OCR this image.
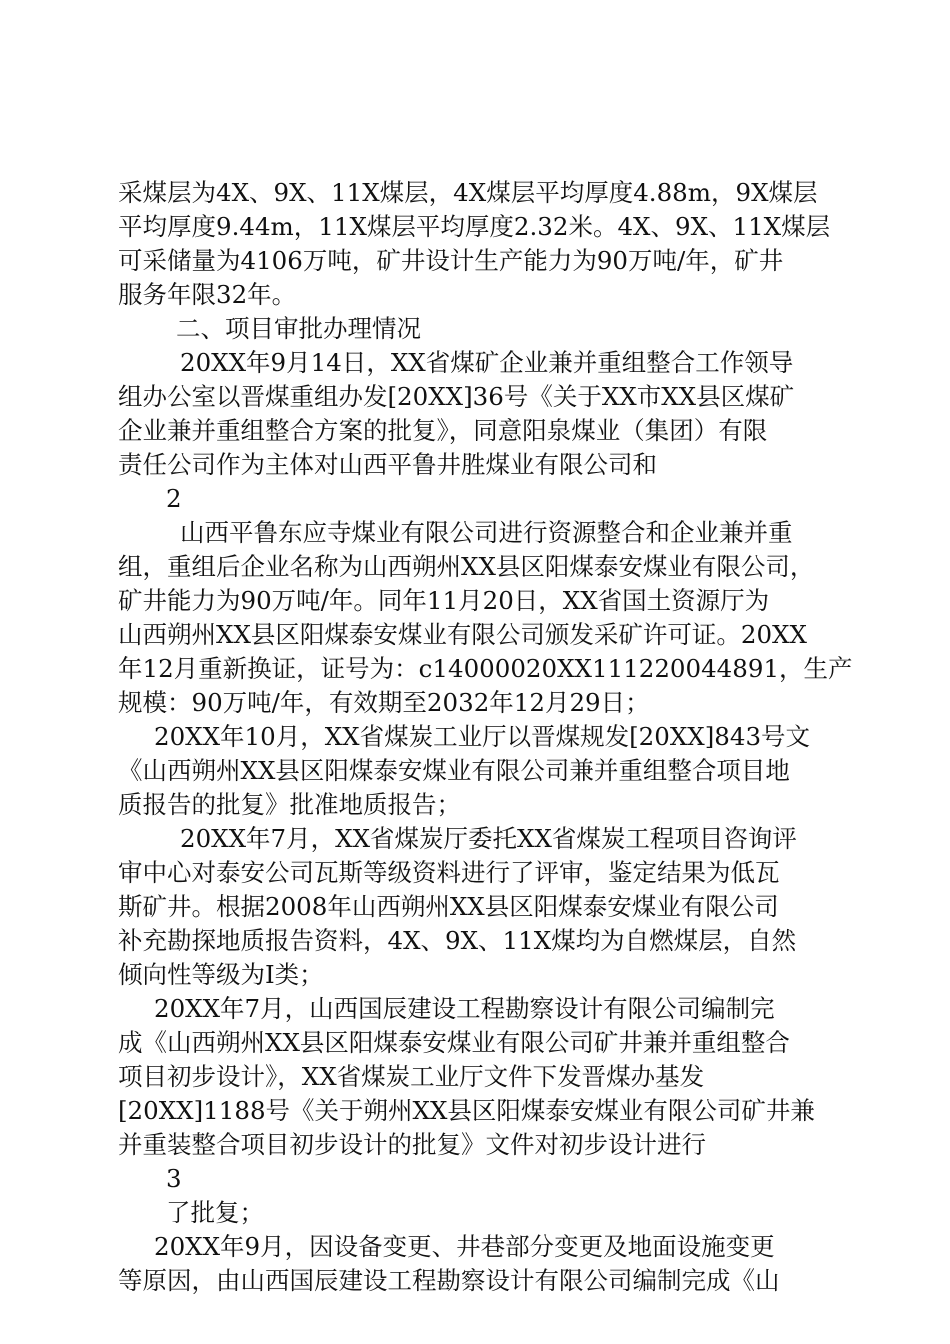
采煤层为4X、9X、11X煤层，4X煤层平均厚度4.88m，9X煤层
平均厚度9.44m，11X煤层平均厚度2.32米。4X、9X、11X煤层
可采储量为4106万吨，矿井设计生产能力为90万吨/年，矿井
服务年限32年。
二、项目审批办理情况
20XX年9月14日，XX省煤矿企业兼并重组整合工作领导
组办公室以晋煤重组办发[20XX]36号《关于XX市XX县区煤矿
企业兼并重组整合方案的批复》，同意阳泉煤业（集团）有限
责任公司作为主体对山西平鲁井胜煤业有限公司和
2
山西平鲁东应寺煤业有限公司进行资源整合和企业兼并重
组，重组后企业名称为山西朔州XX县区阳煤泰安煤业有限公司，
矿井能力为90万吨/年。同年11月20日，XX省国土资源厅为
山西朔州XX县区阳煤泰安煤业有限公司颁发采矿许可证。20XX
年12月重新换证，证号为：c14000020XX111220044891，生产
规模：90万吨/年，有效期至2032年12月29日；
20XX年10月，XX省煤炭工业厅以晋煤规发[20XX]843号文
《山西朔州XX县区阳煤泰安煤业有限公司兼并重组整合项目地
质报告的批复》批准地质报告；
20XX年7月，XX省煤炭厅委托XX省煤炭工程项目咨询评
审中心对泰安公司瓦斯等级资料进行了评审，鉴定结果为低瓦
斯矿井。根据2008年山西朔州XX县区阳煤泰安煤业有限公司
补充勘探地质报告资料，4X、9X、11X煤均为自燃煤层，自然
倾向性等级为Ⅰ类；
20XX年7月，山西国辰建设工程勘察设计有限公司编制完
成《山西朔州XX县区阳煤泰安煤业有限公司矿井兼并重组整合
项目初步设计》，XX省煤炭工业厅文件下发晋煤办基发
[20XX]1188号《关于朔州XX县区阳煤泰安煤业有限公司矿井兼
并重装整合项目初步设计的批复》文件对初步设计进行
3
了批复；
20XX年9月，因设备变更、井巷部分变更及地面设施变更
等原因，由山西国辰建设工程勘察设计有限公司编制完成《山
